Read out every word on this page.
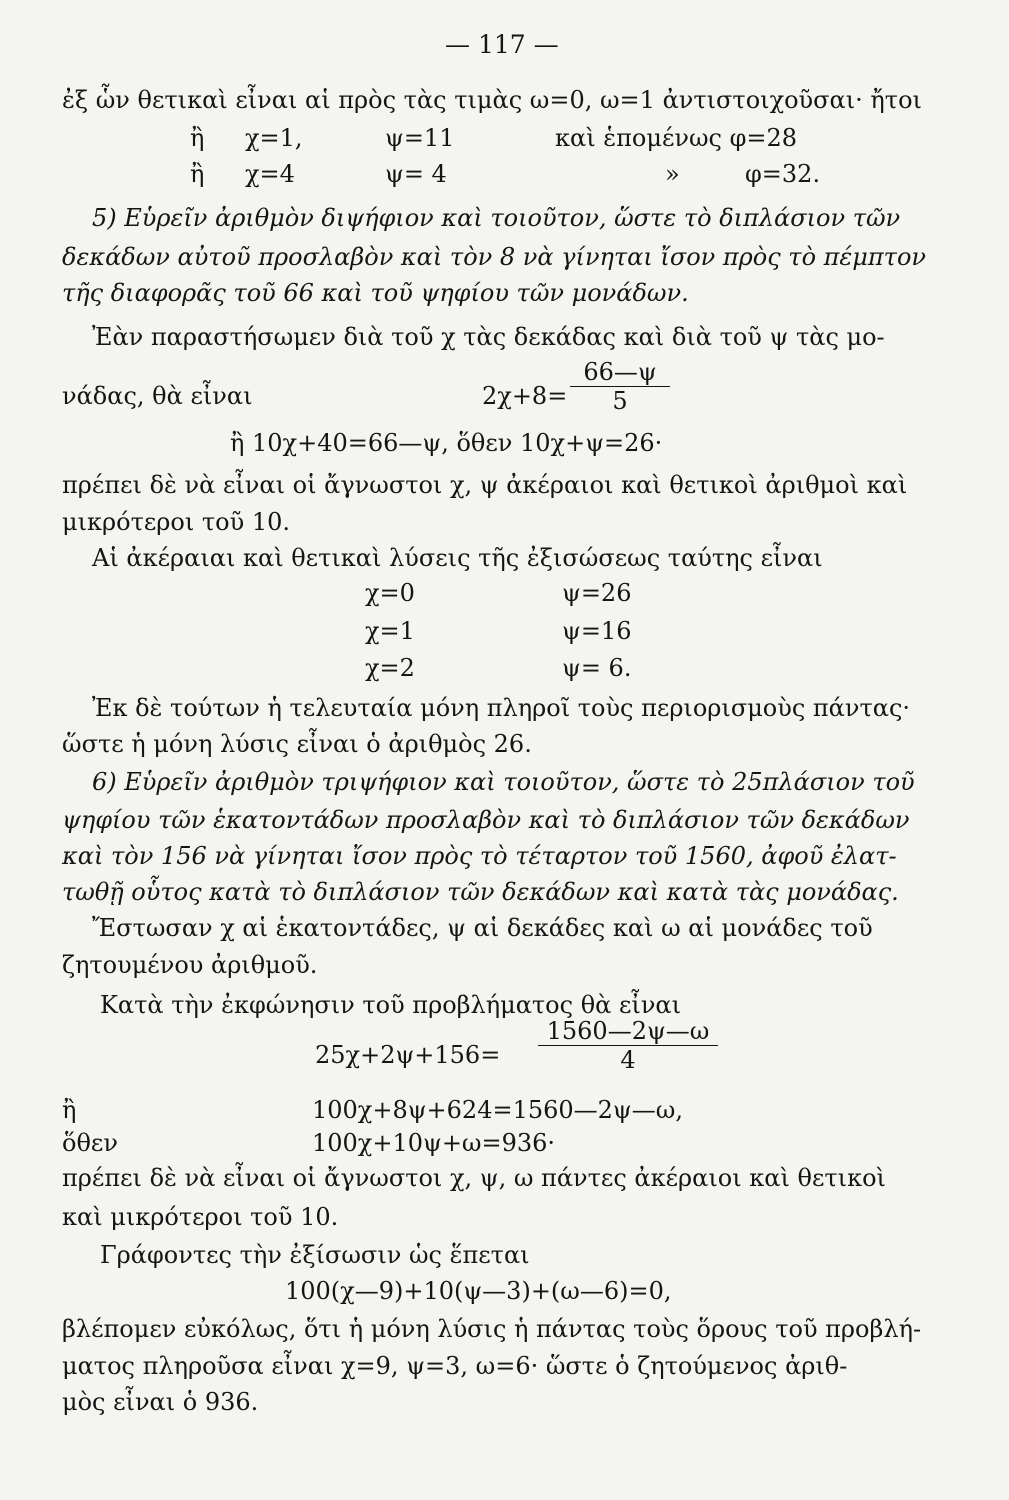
— 117 —
ἐξ ὧν θετικαὶ εἶναι αἱ πρὸς τὰς τιμὰς ω=0, ω=1 ἀντιστοιχοῦσαι· ἤτοι
ἢ χ=1,	ψ=11	καὶ ἑπομένως φ=28
ἢ χ=4	ψ= 4	»	φ=32.
5) Εὑρεῖν ἀριθμὸν διψήφιον καὶ τοιοῦτον, ὥστε τὸ διπλάσιον τῶν
δεκάδων αὐτοῦ προσλαβὸν καὶ τὸν 8 νὰ γίνηται ἴσον πρὸς τὸ πέμπτον
τῆς διαφορᾶς τοῦ 66 καὶ τοῦ ψηφίου τῶν μονάδων.
Ἐὰν παραστήσωμεν διὰ τοῦ χ τὰς δεκάδας καὶ διὰ τοῦ ψ τὰς μο-
νάδας, θὰ εἶναι	$2\chi+8= \frac{66—\psi}{5}$
ἢ 10χ+40=66—ψ, ὅθεν 10χ+ψ=26·
πρέπει δὲ νὰ εἶναι οἱ ἄγνωστοι χ, ψ ἀκέραιοι καὶ θετικοὶ ἀριθμοὶ καὶ
μικρότεροι τοῦ 10.
Αἱ ἀκέραιαι καὶ θετικαὶ λύσεις τῆς ἐξισώσεως ταύτης εἶναι
χ=0	ψ=26
χ=1	ψ=16
χ=2	ψ= 6.
Ἐκ δὲ τούτων ἡ τελευταία μόνη πληροῖ τοὺς περιορισμοὺς πάντας·
ὥστε ἡ μόνη λύσις εἶναι ὁ ἀριθμὸς 26.
6) Εὑρεῖν ἀριθμὸν τριψήφιον καὶ τοιοῦτον, ὥστε τὸ 25πλάσιον τοῦ
ψηφίου τῶν ἑκατοντάδων προσλαβὸν καὶ τὸ διπλάσιον τῶν δεκάδων
καὶ τὸν 156 νὰ γίνηται ἴσον πρὸς τὸ τέταρτον τοῦ 1560, ἀφοῦ ἐλατ-
τωθῇ οὗτος κατὰ τὸ διπλάσιον τῶν δεκάδων καὶ κατὰ τὰς μονάδας.
Ἔστωσαν χ αἱ ἑκατοντάδες, ψ αἱ δεκάδες καὶ ω αἱ μονάδες τοῦ
ζητουμένου ἀριθμοῦ.
Κατὰ τὴν ἐκφώνησιν τοῦ προβλήματος θὰ εἶναι
$25\chi+2\psi+156= \frac{1560—2\psi—\omega}{4}$
ἢ	100χ+8ψ+624=1560—2ψ—ω,
ὅθεν	100χ+10ψ+ω=936·
πρέπει δὲ νὰ εἶναι οἱ ἄγνωστοι χ, ψ, ω πάντες ἀκέραιοι καὶ θετικοὶ
καὶ μικρότεροι τοῦ 10.
Γράφοντες τὴν ἐξίσωσιν ὡς ἕπεται
100(χ—9)+10(ψ—3)+(ω—6)=0,
βλέπομεν εὐκόλως, ὅτι ἡ μόνη λύσις ἡ πάντας τοὺς ὅρους τοῦ προβλή-
ματος πληροῦσα εἶναι χ=9, ψ=3, ω=6· ὥστε ὁ ζητούμενος ἀριθ-
μὸς εἶναι ὁ 936.
